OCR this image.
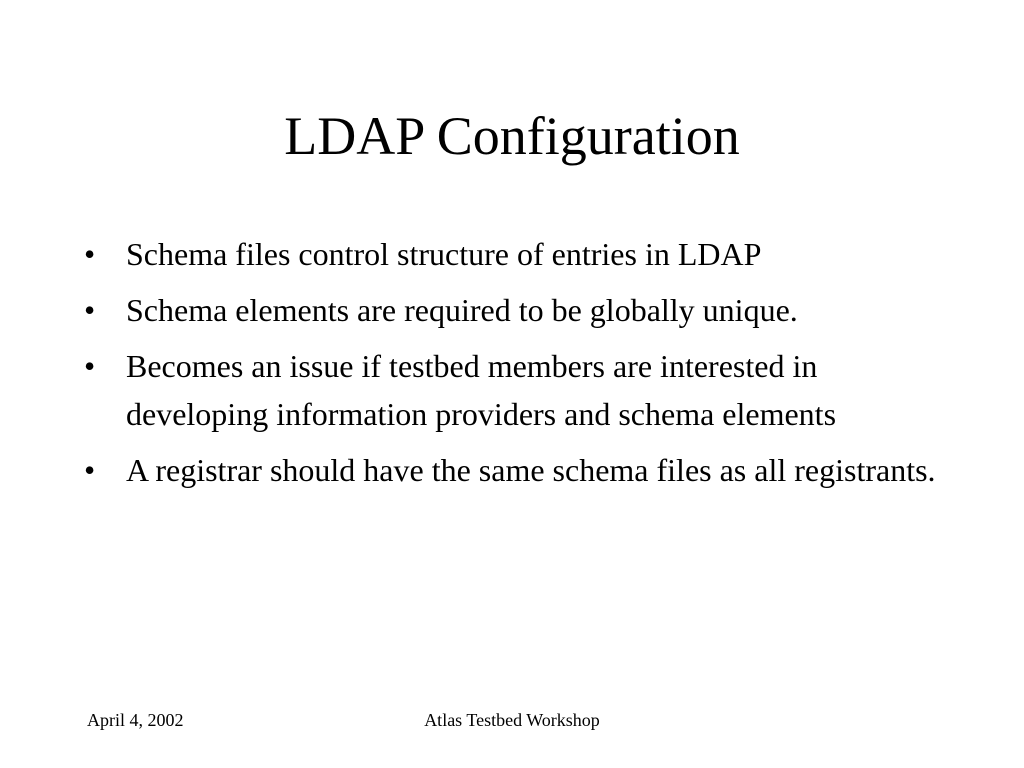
LDAP Configuration
• Schema files control structure of entries in LDAP
• Schema elements are required to be globally unique.
• Becomes an issue if testbed members are interested in developing information providers and schema elements
• A registrar should have the same schema files as all registrants.
April 4, 2002	Atlas Testbed Workshop
